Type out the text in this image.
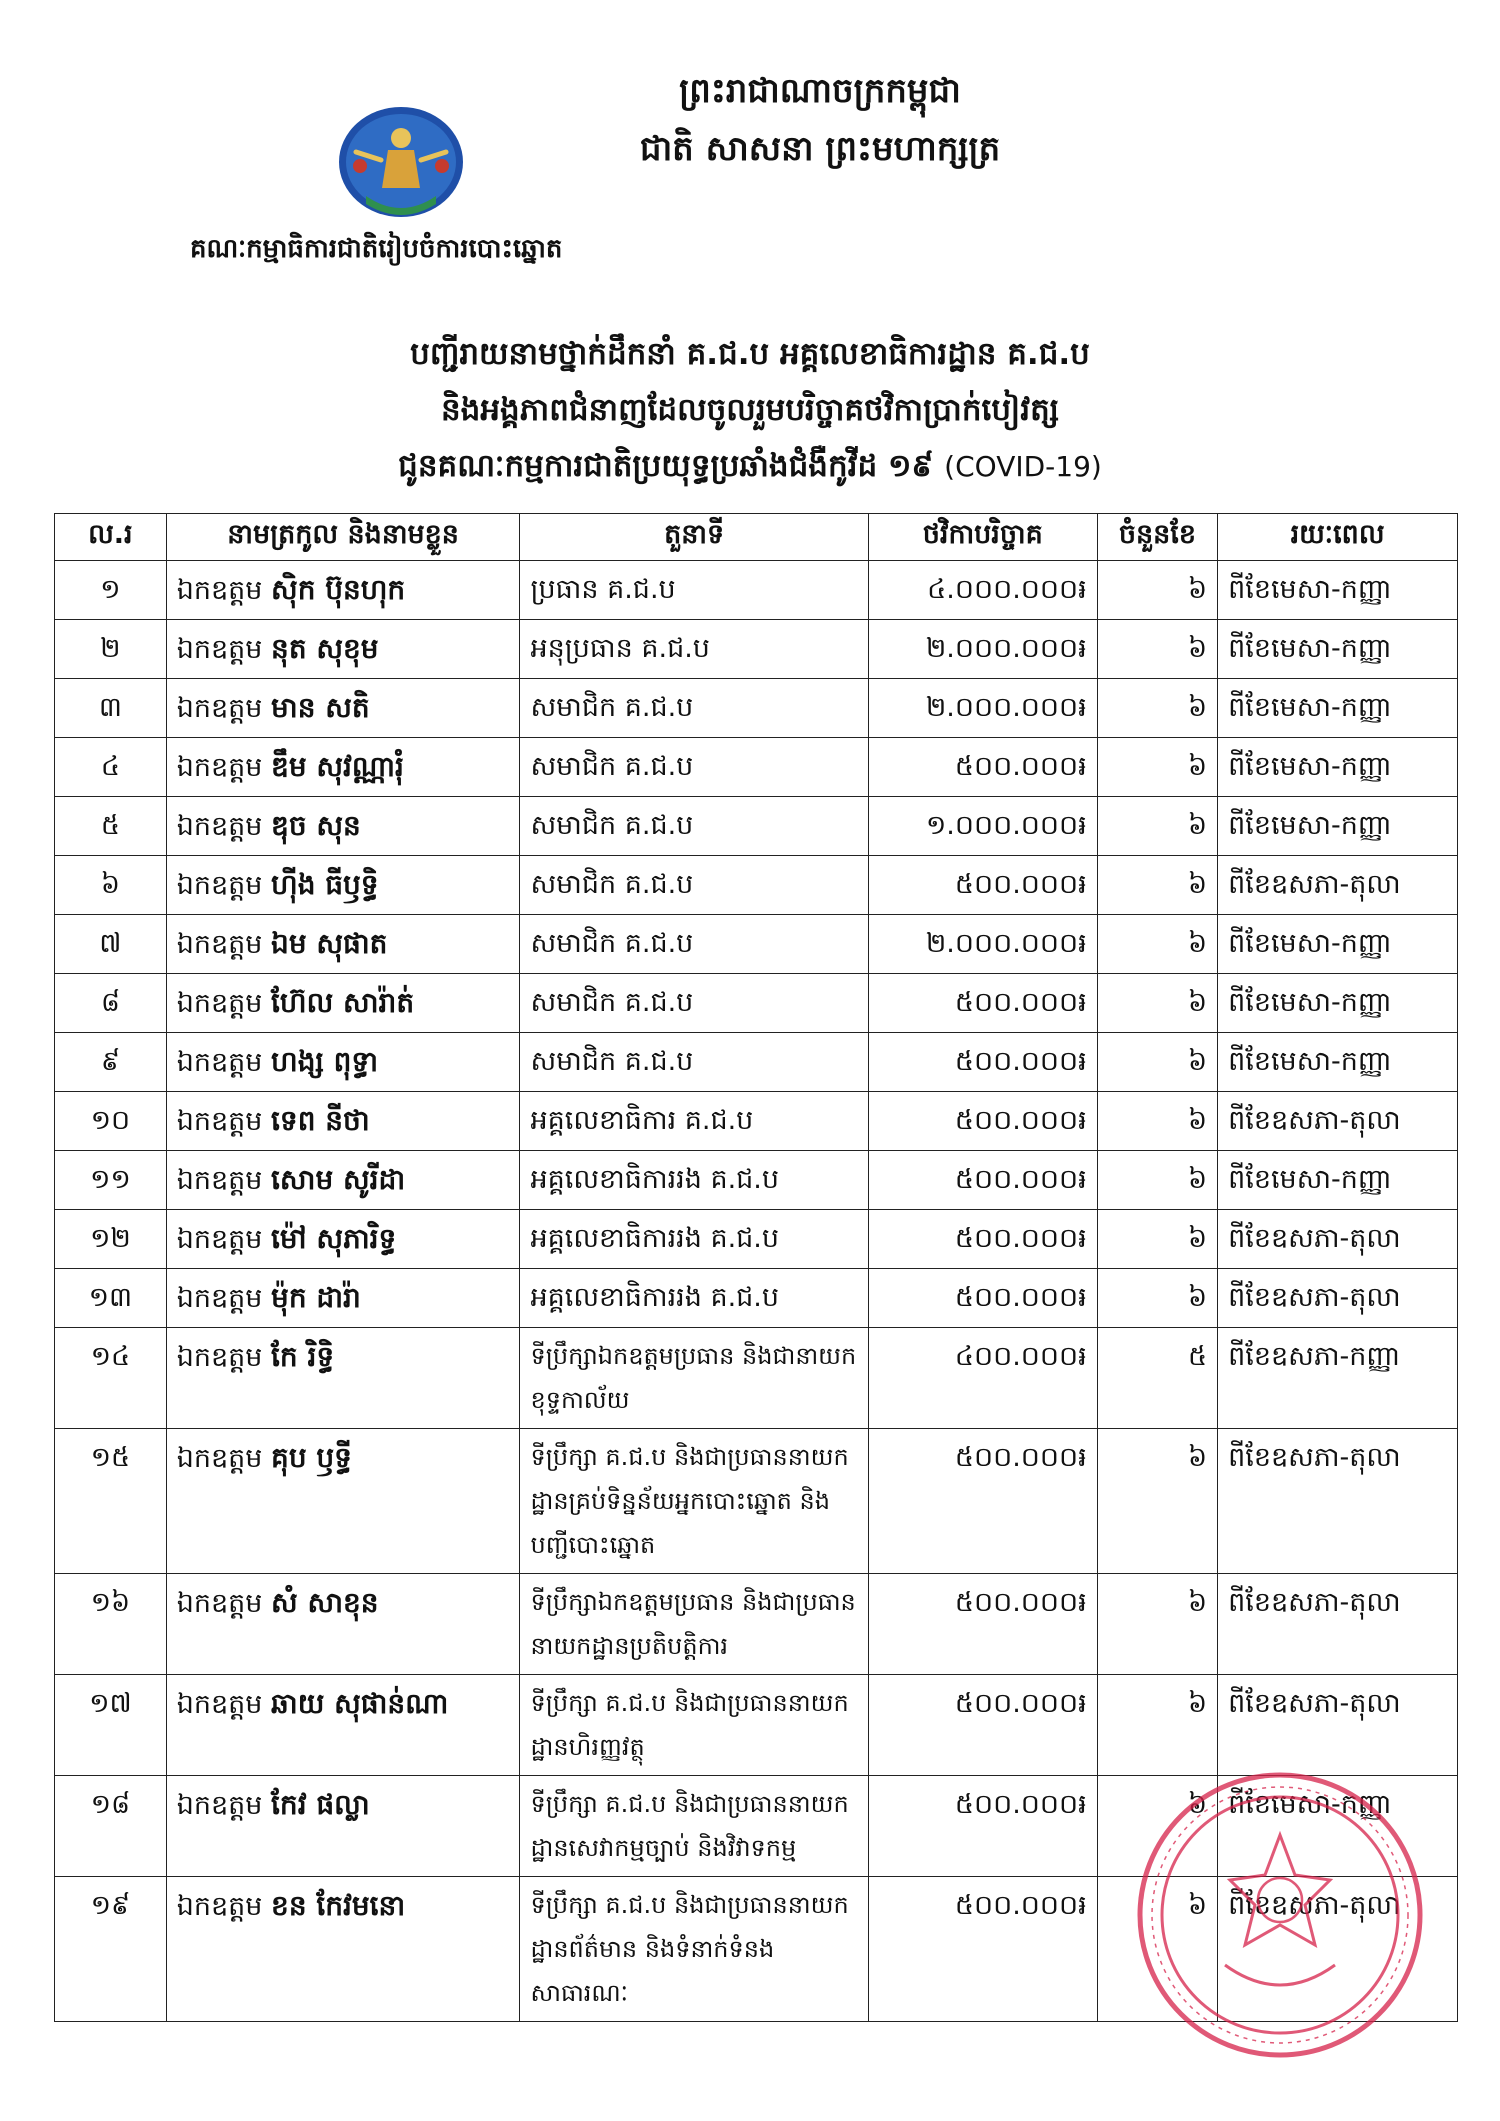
ព្រះរាជាណាចក្រកម្ពុជា
ជាតិ សាសនា ព្រះមហាក្សត្រ
គណៈកម្មាធិការជាតិរៀបចំការបោះឆ្នោត
បញ្ជីរាយនាមថ្នាក់ដឹកនាំ គ.ជ.ប អគ្គលេខាធិការដ្ឋាន គ.ជ.ប
និងអង្គភាពជំនាញដែលចូលរួមបរិច្ចាគថវិកាប្រាក់បៀវត្ស
ជូនគណៈកម្មការជាតិប្រយុទ្ធប្រឆាំងជំងឺកូវីដ ១៩ (COVID-19)
ល.រ	នាមត្រកូល និងនាមខ្លួន	តួនាទី	ថវិកាបរិច្ចាគ	ចំនួនខែ	រយៈពេល
១	ឯកឧត្តម ស៊ិក ប៊ុនហុក	ប្រធាន គ.ជ.ប	៤.០០០.០០០៛	៦	ពីខែមេសា-កញ្ញា
២	ឯកឧត្តម នុត សុខុម	អនុប្រធាន គ.ជ.ប	២.០០០.០០០៛	៦	ពីខែមេសា-កញ្ញា
៣	ឯកឧត្តម មាន សតិ	សមាជិក គ.ជ.ប	២.០០០.០០០៛	៦	ពីខែមេសា-កញ្ញា
៤	ឯកឧត្តម ឌឹម សុវណ្ណារុំ	សមាជិក គ.ជ.ប	៥០០.០០០៛	៦	ពីខែមេសា-កញ្ញា
៥	ឯកឧត្តម ឌុច សុន	សមាជិក គ.ជ.ប	១.០០០.០០០៛	៦	ពីខែមេសា-កញ្ញា
៦	ឯកឧត្តម ហ៊ីង ធីឫទ្ធិ	សមាជិក គ.ជ.ប	៥០០.០០០៛	៦	ពីខែឧសភា-តុលា
៧	ឯកឧត្តម ឯម សុផាត	សមាជិក គ.ជ.ប	២.០០០.០០០៛	៦	ពីខែមេសា-កញ្ញា
៨	ឯកឧត្តម ហ៊ែល សារ៉ាត់	សមាជិក គ.ជ.ប	៥០០.០០០៛	៦	ពីខែមេសា-កញ្ញា
៩	ឯកឧត្តម ហង្ស ពុទ្ធា	សមាជិក គ.ជ.ប	៥០០.០០០៛	៦	ពីខែមេសា-កញ្ញា
១០	ឯកឧត្តម ទេព នីថា	អគ្គលេខាធិការ គ.ជ.ប	៥០០.០០០៛	៦	ពីខែឧសភា-តុលា
១១	ឯកឧត្តម សោម សូរីដា	អគ្គលេខាធិការរង គ.ជ.ប	៥០០.០០០៛	៦	ពីខែមេសា-កញ្ញា
១២	ឯកឧត្តម ម៉ៅ សុភារិទ្ធ	អគ្គលេខាធិការរង គ.ជ.ប	៥០០.០០០៛	៦	ពីខែឧសភា-តុលា
១៣	ឯកឧត្តម ម៉ុក ដារ៉ា	អគ្គលេខាធិការរង គ.ជ.ប	៥០០.០០០៛	៦	ពីខែឧសភា-តុលា
១៤	ឯកឧត្តម កែ រិទ្ធិ	ទីប្រឹក្សាឯកឧត្តមប្រធាន និងជានាយកខុទ្ទកាល័យ	៤០០.០០០៛	៥	ពីខែឧសភា-កញ្ញា
១៥	ឯកឧត្តម គុប ឫទ្ធី	ទីប្រឹក្សា គ.ជ.ប និងជាប្រធាននាយកដ្ឋានគ្រប់ទិន្នន័យអ្នកបោះឆ្នោត និងបញ្ជីបោះឆ្នោត	៥០០.០០០៛	៦	ពីខែឧសភា-តុលា
១៦	ឯកឧត្តម សំ សាខុន	ទីប្រឹក្សាឯកឧត្តមប្រធាន និងជាប្រធាននាយកដ្ឋានប្រតិបត្តិការ	៥០០.០០០៛	៦	ពីខែឧសភា-តុលា
១៧	ឯកឧត្តម ឆាយ សុផាន់ណា	ទីប្រឹក្សា គ.ជ.ប និងជាប្រធាននាយកដ្ឋានហិរញ្ញវត្ថុ	៥០០.០០០៛	៦	ពីខែឧសភា-តុលា
១៨	ឯកឧត្តម កែវ ផល្លា	ទីប្រឹក្សា គ.ជ.ប និងជាប្រធាននាយកដ្ឋានសេវាកម្មច្បាប់ និងវិវាទកម្ម	៥០០.០០០៛	៦	ពីខែមេសា-កញ្ញា
១៩	ឯកឧត្តម ខន កែវមនោ	ទីប្រឹក្សា គ.ជ.ប និងជាប្រធាននាយកដ្ឋានព័ត៌មាន និងទំនាក់ទំនងសាធារណៈ	៥០០.០០០៛	៦	ពីខែឧសភា-តុលា
